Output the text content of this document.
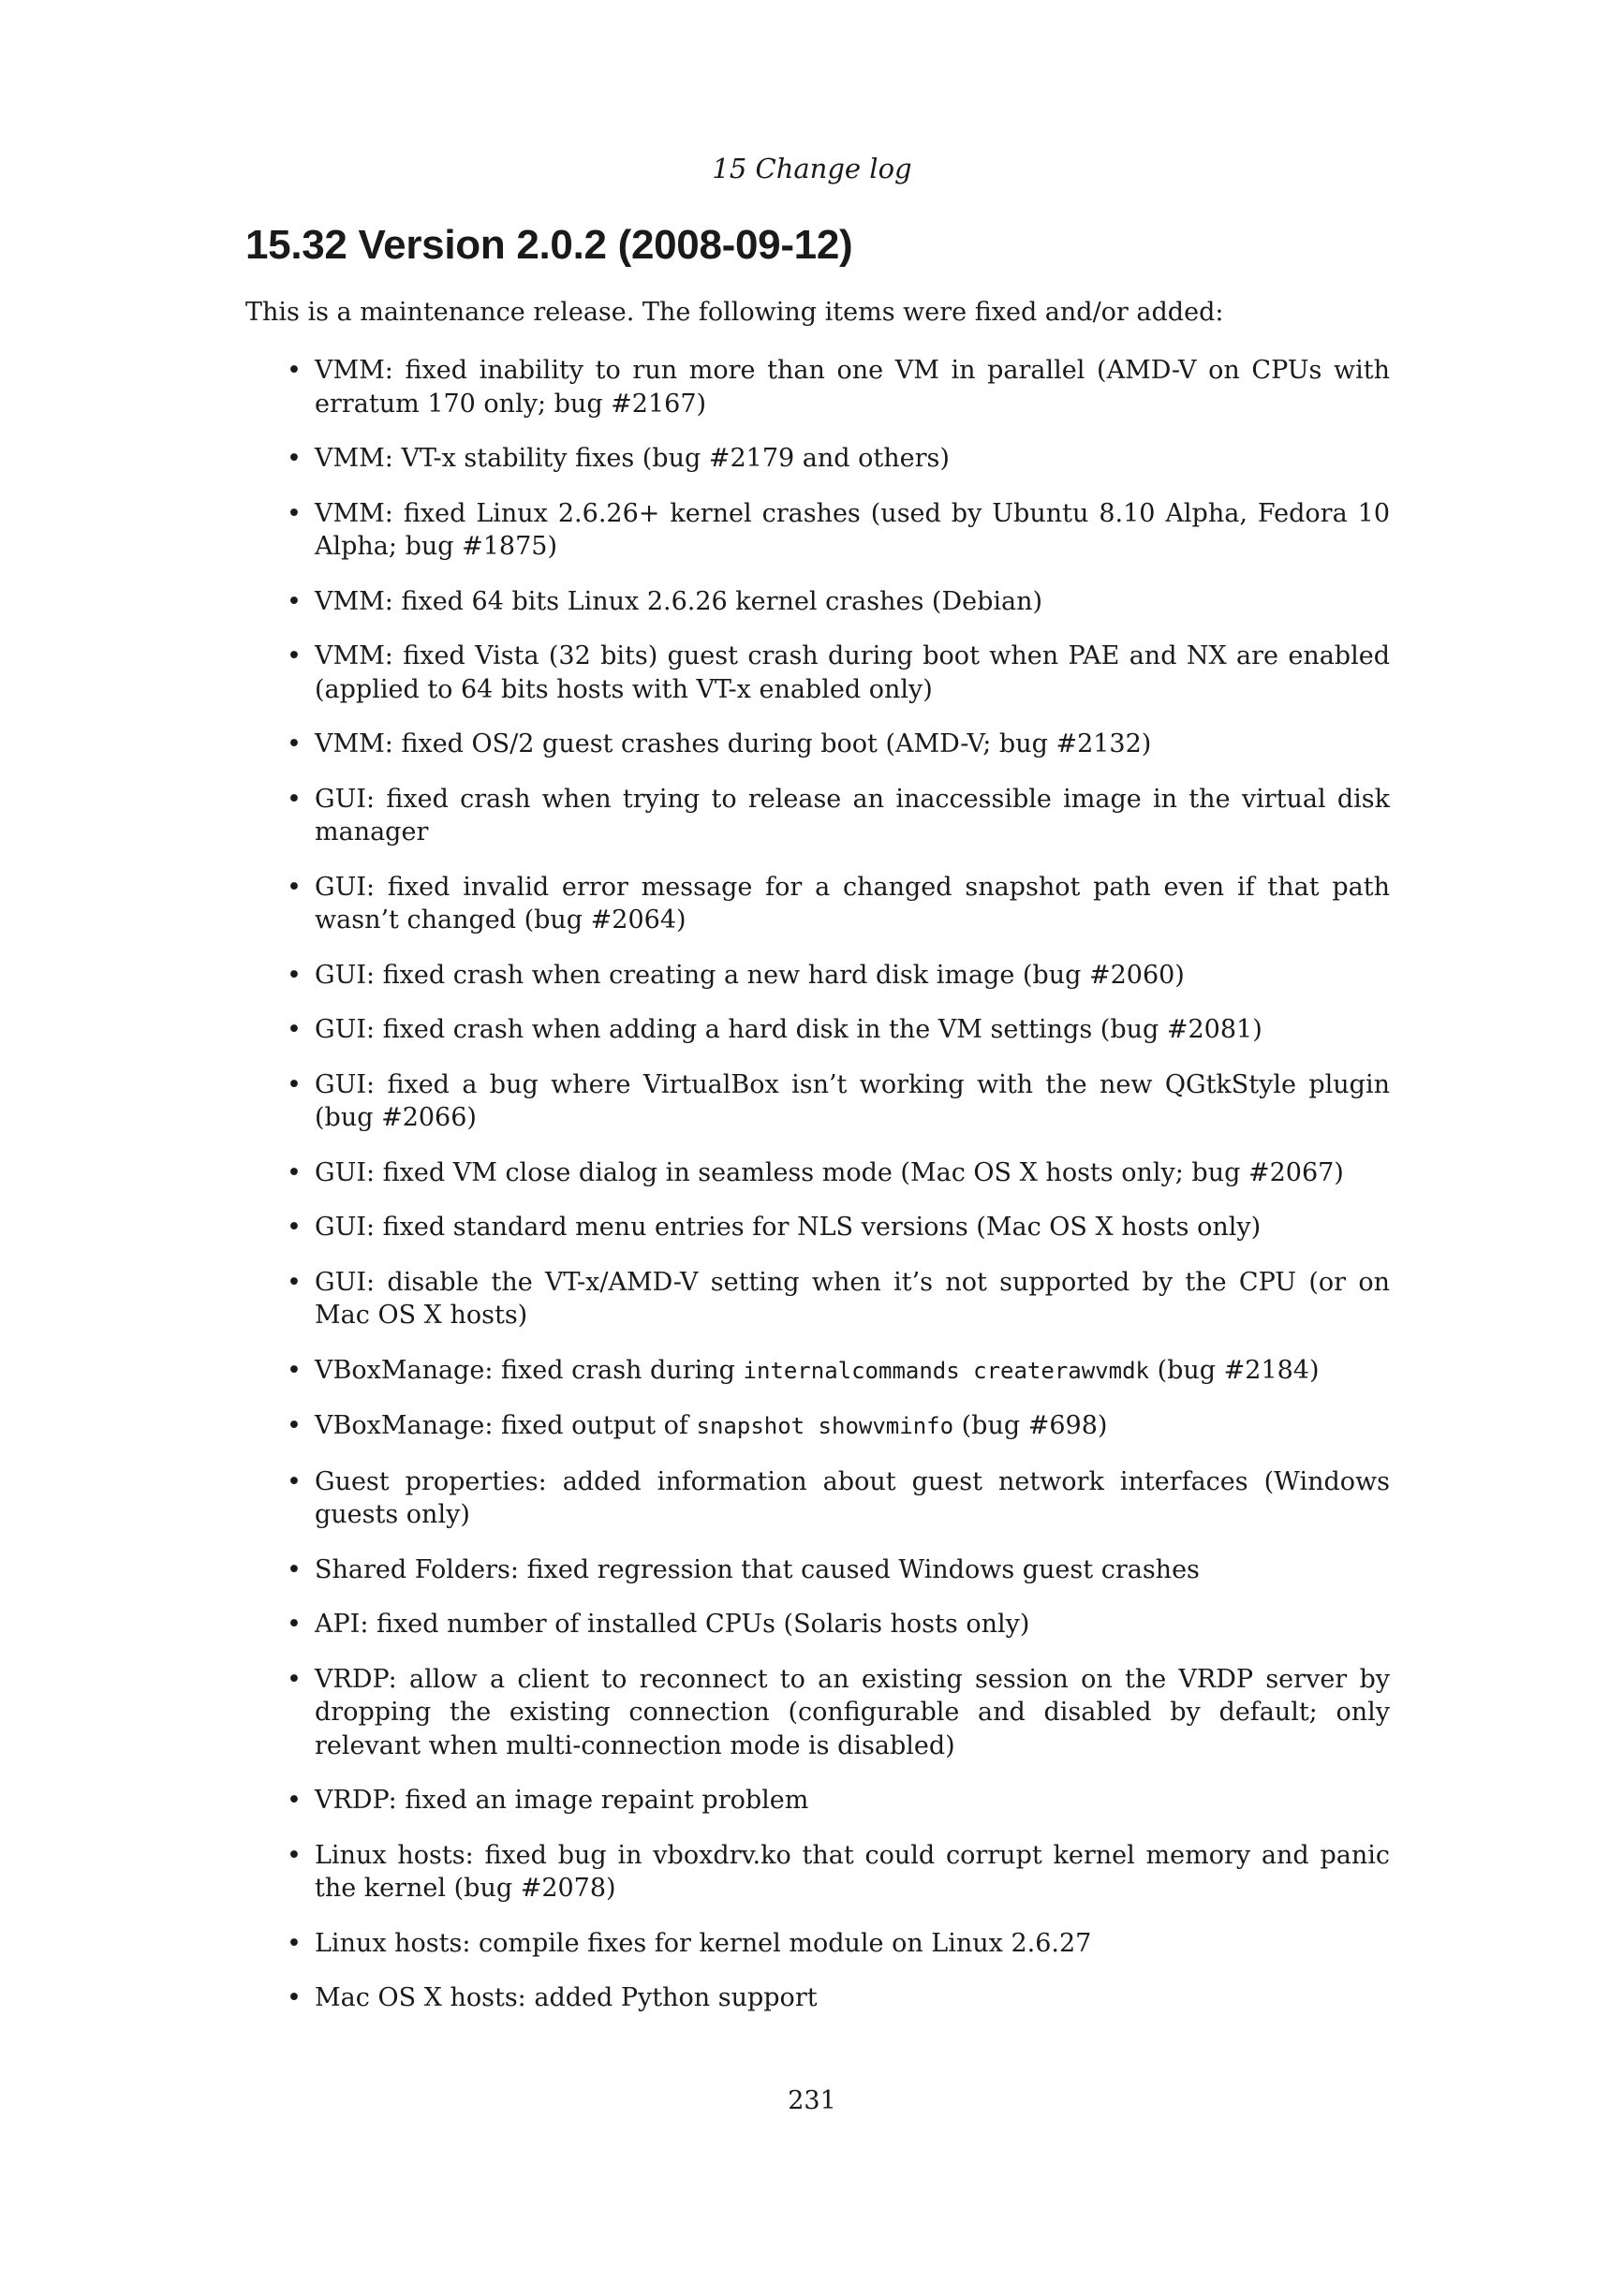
15 Change log
15.32 Version 2.0.2 (2008-09-12)

This is a maintenance release. The following items were fixed and/or added:

• VMM: fixed inability to run more than one VM in parallel (AMD-V on CPUs with erratum 170 only; bug #2167)
• VMM: VT-x stability fixes (bug #2179 and others)
• VMM: fixed Linux 2.6.26+ kernel crashes (used by Ubuntu 8.10 Alpha, Fedora 10 Alpha; bug #1875)
• VMM: fixed 64 bits Linux 2.6.26 kernel crashes (Debian)
• VMM: fixed Vista (32 bits) guest crash during boot when PAE and NX are enabled (applied to 64 bits hosts with VT-x enabled only)
• VMM: fixed OS/2 guest crashes during boot (AMD-V; bug #2132)
• GUI: fixed crash when trying to release an inaccessible image in the virtual disk manager
• GUI: fixed invalid error message for a changed snapshot path even if that path wasn’t changed (bug #2064)
• GUI: fixed crash when creating a new hard disk image (bug #2060)
• GUI: fixed crash when adding a hard disk in the VM settings (bug #2081)
• GUI: fixed a bug where VirtualBox isn’t working with the new QGtkStyle plugin (bug #2066)
• GUI: fixed VM close dialog in seamless mode (Mac OS X hosts only; bug #2067)
• GUI: fixed standard menu entries for NLS versions (Mac OS X hosts only)
• GUI: disable the VT-x/AMD-V setting when it’s not supported by the CPU (or on Mac OS X hosts)
• VBoxManage: fixed crash during internalcommands createrawvmdk (bug #2184)
• VBoxManage: fixed output of snapshot showvminfo (bug #698)
• Guest properties: added information about guest network interfaces (Windows guests only)
• Shared Folders: fixed regression that caused Windows guest crashes
• API: fixed number of installed CPUs (Solaris hosts only)
• VRDP: allow a client to reconnect to an existing session on the VRDP server by dropping the existing connection (configurable and disabled by default; only relevant when multi-connection mode is disabled)
• VRDP: fixed an image repaint problem
• Linux hosts: fixed bug in vboxdrv.ko that could corrupt kernel memory and panic the kernel (bug #2078)
• Linux hosts: compile fixes for kernel module on Linux 2.6.27
• Mac OS X hosts: added Python support
231
